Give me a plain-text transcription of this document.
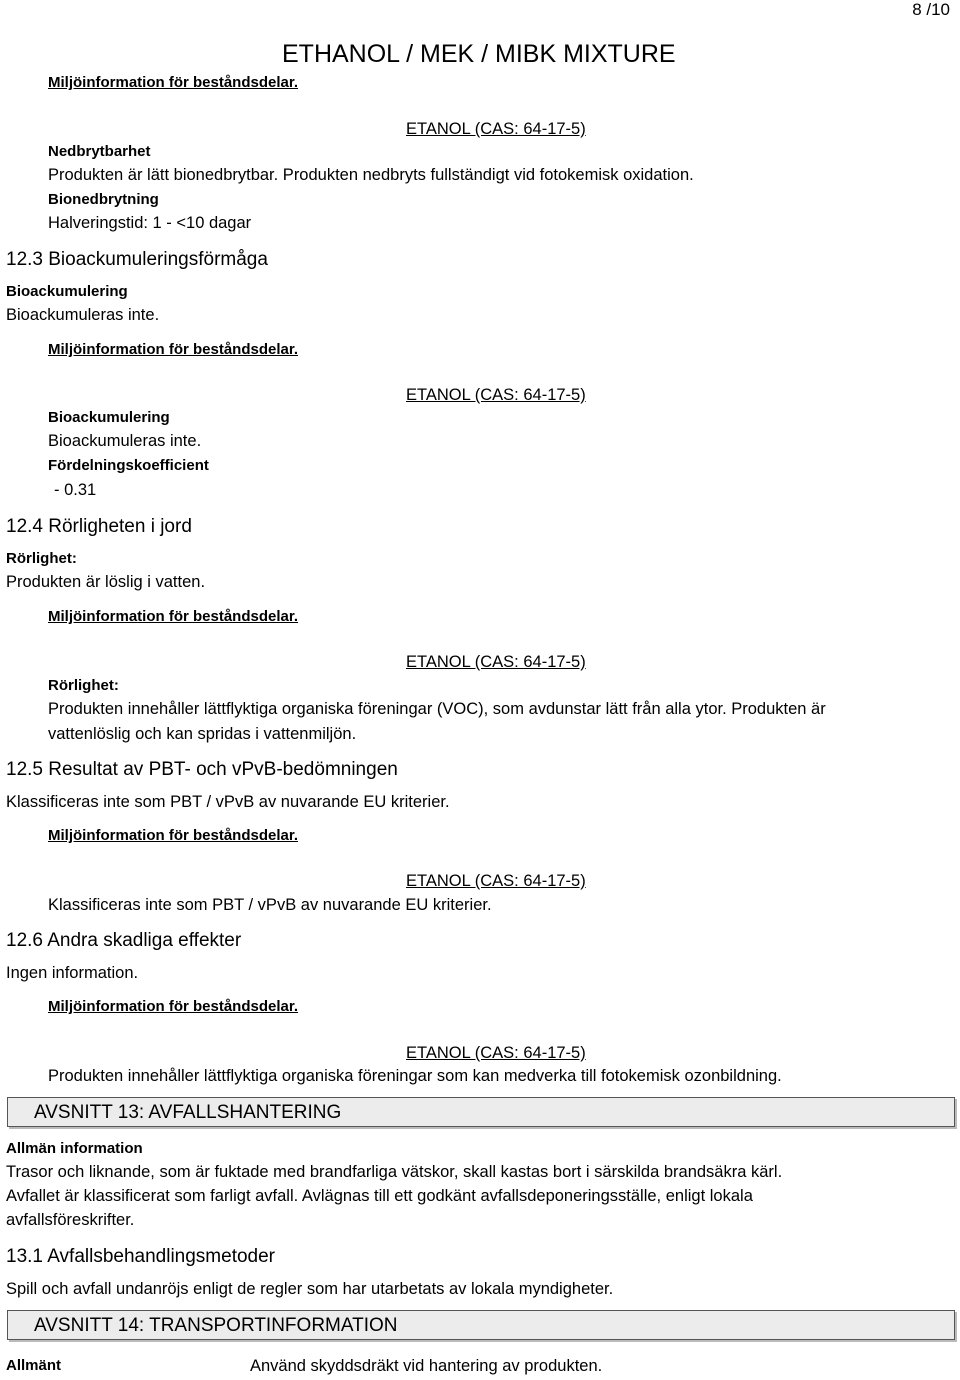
8 /10
ETHANOL / MEK / MIBK MIXTURE
Miljöinformation för beståndsdelar.
ETANOL (CAS: 64-17-5)
Nedbrytbarhet
Produkten är lätt bionedbrytbar. Produkten nedbryts fullständigt vid fotokemisk oxidation.
Bionedbrytning
Halveringstid: 1 - <10 dagar
12.3 Bioackumuleringsförmåga
Bioackumulering
Bioackumuleras inte.
Miljöinformation för beståndsdelar.
ETANOL (CAS: 64-17-5)
Bioackumulering
Bioackumuleras inte.
Fördelningskoefficient
- 0.31
12.4 Rörligheten i jord
Rörlighet:
Produkten är löslig i vatten.
Miljöinformation för beståndsdelar.
ETANOL (CAS: 64-17-5)
Rörlighet:
Produkten innehåller lättflyktiga organiska föreningar (VOC), som avdunstar lätt från alla ytor. Produkten är
vattenlöslig och kan spridas i vattenmiljön.
12.5 Resultat av PBT- och vPvB-bedömningen
Klassificeras inte som PBT / vPvB av nuvarande EU kriterier.
Miljöinformation för beståndsdelar.
ETANOL (CAS: 64-17-5)
Klassificeras inte som PBT / vPvB av nuvarande EU kriterier.
12.6 Andra skadliga effekter
Ingen information.
Miljöinformation för beståndsdelar.
ETANOL (CAS: 64-17-5)
Produkten innehåller lättflyktiga organiska föreningar som kan medverka till fotokemisk ozonbildning.
AVSNITT 13: AVFALLSHANTERING
Allmän information
Trasor och liknande, som är fuktade med brandfarliga vätskor, skall kastas bort i särskilda brandsäkra kärl.
Avfallet är klassificerat som farligt avfall. Avlägnas till ett godkänt avfallsdeponeringsställe, enligt lokala
avfallsföreskrifter.
13.1 Avfallsbehandlingsmetoder
Spill och avfall undanröjs enligt de regler som har utarbetats av lokala myndigheter.
AVSNITT 14: TRANSPORTINFORMATION
Allmänt	Använd skyddsdräkt vid hantering av produkten.
